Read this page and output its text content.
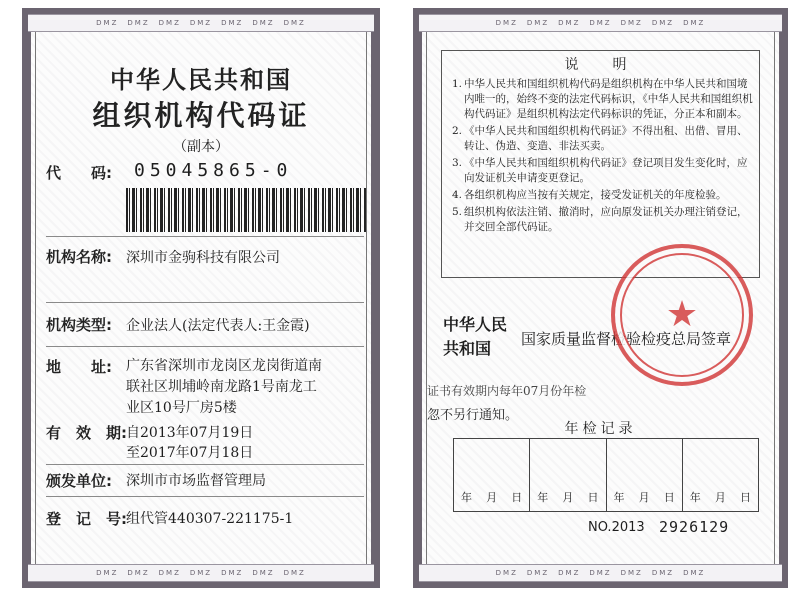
DMZ　 DMZ　 DMZ　 DMZ　 DMZ　 DMZ　 DMZ
DMZ　 DMZ　 DMZ　 DMZ　 DMZ　 DMZ　 DMZ
中华人民共和国
组织机构代码证
（副本）
代　　码: 05045865-0
机构名称: 深圳市金驹科技有限公司
机构类型: 企业法人(法定代表人:王金霞)
地　　址: 广东省深圳市龙岗区龙岗街道南
联社区圳埔岭南龙路1号南龙工
业区10号厂房5楼
有　效　期: 自2013年07月19日
至2017年07月18日
颁发单位: 深圳市市场监督管理局
登　记　号: 组代管440307-221175-1
DMZ　 DMZ　 DMZ　 DMZ　 DMZ　 DMZ　 DMZ
DMZ　 DMZ　 DMZ　 DMZ　 DMZ　 DMZ　 DMZ
说　明
1. 中华人民共和国组织机构代码是组织机构在中华人民共和国境内唯一的，始终不变的法定代码标识，《中华人民共和国组织机构代码证》是组织机构法定代码标识的凭证，分正本和副本。
2. 《中华人民共和国组织机构代码证》不得出租、出借、冒用、转让、伪造、变造、非法买卖。
3. 《中华人民共和国组织机构代码证》登记项目发生变化时，应向发证机关申请变更登记。
4. 各组织机构应当按有关规定，接受发证机关的年度检验。
5. 组织机构依法注销、撤消时，应向原发证机关办理注销登记，并交回全部代码证。
中华人民
共和国	国家质量监督检验检疫总局签章
★
证书有效期内每年07月份年检
忽不另行通知。
年检记录
年 月 日 年 月 日 年 月 日 年 月 日
NO.2013 2926129
